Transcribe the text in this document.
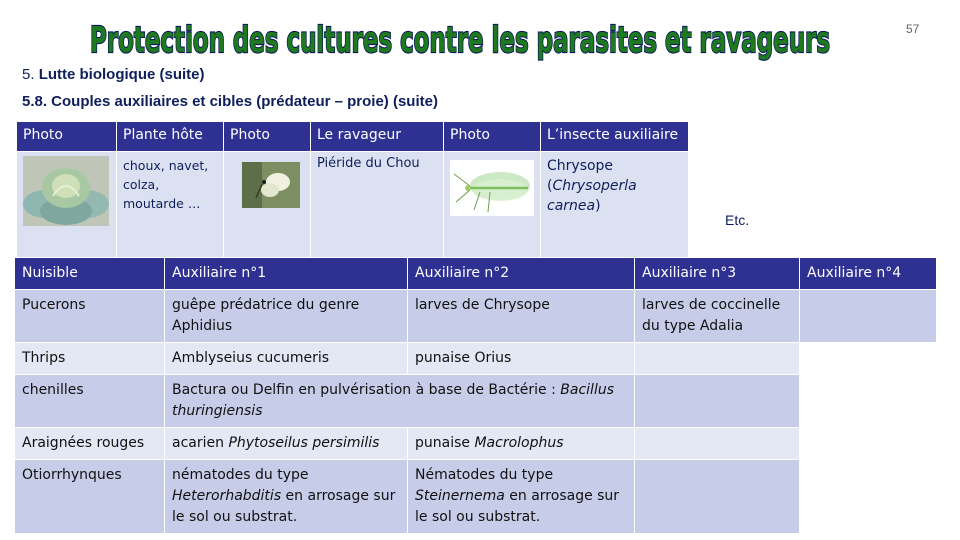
Protection des cultures contre les parasites et ravageurs	57
5. Lutte biologique (suite)
5.8. Couples auxiliaires et cibles (prédateur – proie) (suite)
Photo	Plante hôte	Photo	Le ravageur	Photo	L’insecte auxiliaire
	choux, navet, colza, moutarde …		Piéride du Chou		Chrysope
(Chrysoperla carnea)
Etc.
Nuisible	Auxiliaire n°1	Auxiliaire n°2	Auxiliaire n°3	Auxiliaire n°4
Pucerons	guêpe prédatrice du genre Aphidius	larves de Chrysope	larves de coccinelle du type Adalia	
Thrips	Amblyseius cucumeris	punaise Orius		
chenilles	Bactura ou Delfin en pulvérisation à base de Bactérie : Bacillus thuringiensis			
Araignées rouges	acarien Phytoseilus persimilis	punaise Macrolophus		
Otiorrhynques	nématodes du type Heterorhabditis en arrosage sur le sol ou substrat.	Nématodes du type Steinernema en arrosage sur le sol ou substrat.		
